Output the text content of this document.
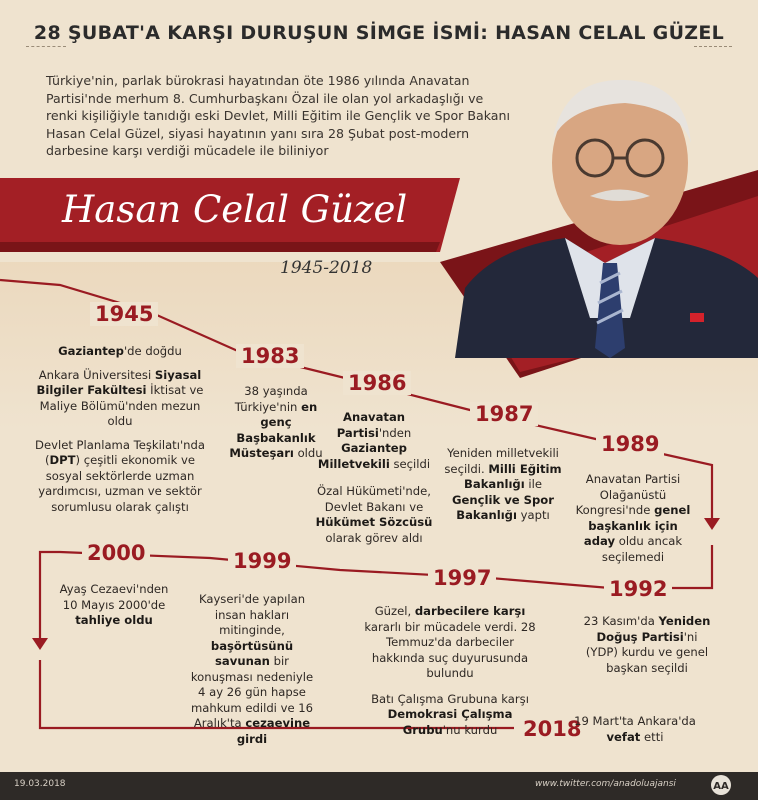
28 ŞUBAT'A KARŞI DURUŞUN SİMGE İSMİ: HASAN CELAL GÜZEL
Türkiye'nin, parlak bürokrasi hayatından öte 1986 yılında Anavatan Partisi'nde merhum 8. Cumhurbaşkanı Özal ile olan yol arkadaşlığı ve renki kişiliğiyle tanıdığı eski Devlet, Milli Eğitim ile Gençlik ve Spor Bakanı Hasan Celal Güzel, siyasi hayatının yanı sıra 28 Şubat post-modern darbesine karşı verdiği mücadele ile biliniyor
Hasan Celal Güzel
1945-2018
1945
1983
1986
1987
1989
1992
1997
1999
2000
2018

Gaziantep'de doğdu

Ankara Üniversitesi Siyasal Bilgiler Fakültesi İktisat ve Maliye Bölümü'nden mezun oldu

Devlet Planlama Teşkilatı'nda (DPT) çeşitli ekonomik ve sosyal sektörlerde uzman yardımcısı, uzman ve sektör sorumlusu olarak çalıştı

38 yaşında Türkiye'nin en genç Başbakanlık Müsteşarı oldu

Anavatan Partisi'nden Gaziantep Milletvekili seçildi

Özal Hükümeti'nde, Devlet Bakanı ve Hükümet Sözcüsü olarak görev aldı

Yeniden milletvekili seçildi. Milli Eğitim Bakanlığı ile Gençlik ve Spor Bakanlığı yaptı

Anavatan Partisi Olağanüstü Kongresi'nde genel başkanlık için aday oldu ancak seçilemedi

23 Kasım'da Yeniden Doğuş Partisi'ni (YDP) kurdu ve genel başkan seçildi

Güzel, darbecilere karşı kararlı bir mücadele verdi. 28 Temmuz'da darbeciler hakkında suç duyurusunda bulundu

Batı Çalışma Grubuna karşı Demokrasi Çalışma Grubu'nu kurdu

Kayseri'de yapılan insan hakları mitinginde, başörtüsünü savunan bir konuşması nedeniyle 4 ay 26 gün hapse mahkum edildi ve 16 Aralık'ta cezaevine girdi

Ayaş Cezaevi'nden 10 Mayıs 2000'de tahliye oldu

19 Mart'ta Ankara'da vefat etti

19.03.2018	www.twitter.com/anadoluajansi	AA
